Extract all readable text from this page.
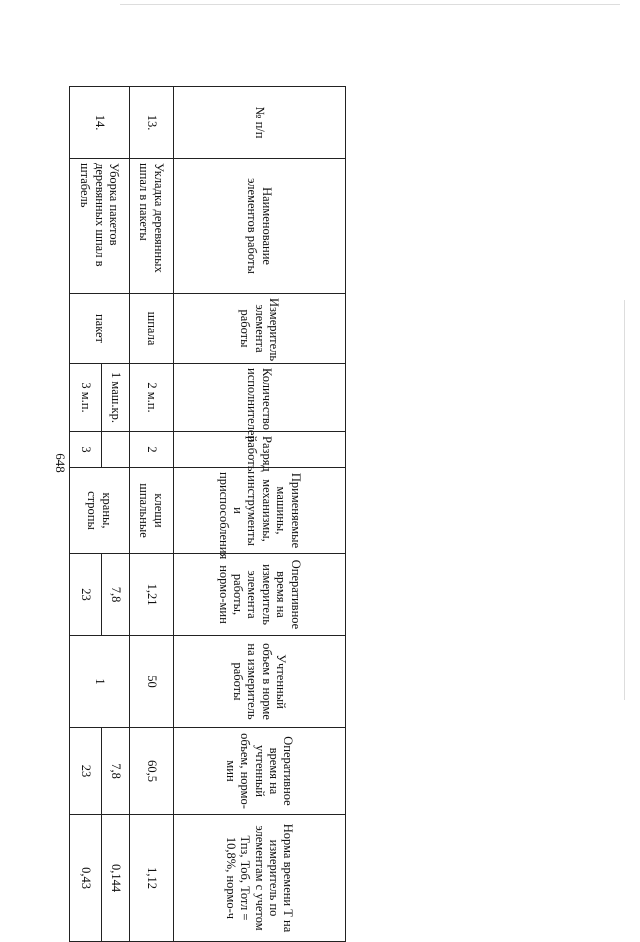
648
№ п/п	Наименование элементов работы	Измеритель элемента работы	Количество исполнителей	Разряд работы	Применяемые машины, механизмы, инструменты и приспособления	Оперативное время на измеритель элемента работы, нормо-мин	Учтенный объем в норме на измеритель работы	Оперативное время на учтенный объем, нормо-мин	Норма времени Т на измеритель по элементам с учетом Тпз, Тоб, Тотл = 10,8%, нормо-ч
13.	Укладка деревянных шпал в пакеты	шпала	2 м.п.	2	клещи шпальные	1,21	50	60,5	1,12
14.	Уборка пакетов деревянных шпал в штабель	пакет	1 маш.кр.		краны, стропы	7,8	1	7,8	0,144
			3 м.п.	3		23		23	0,43
